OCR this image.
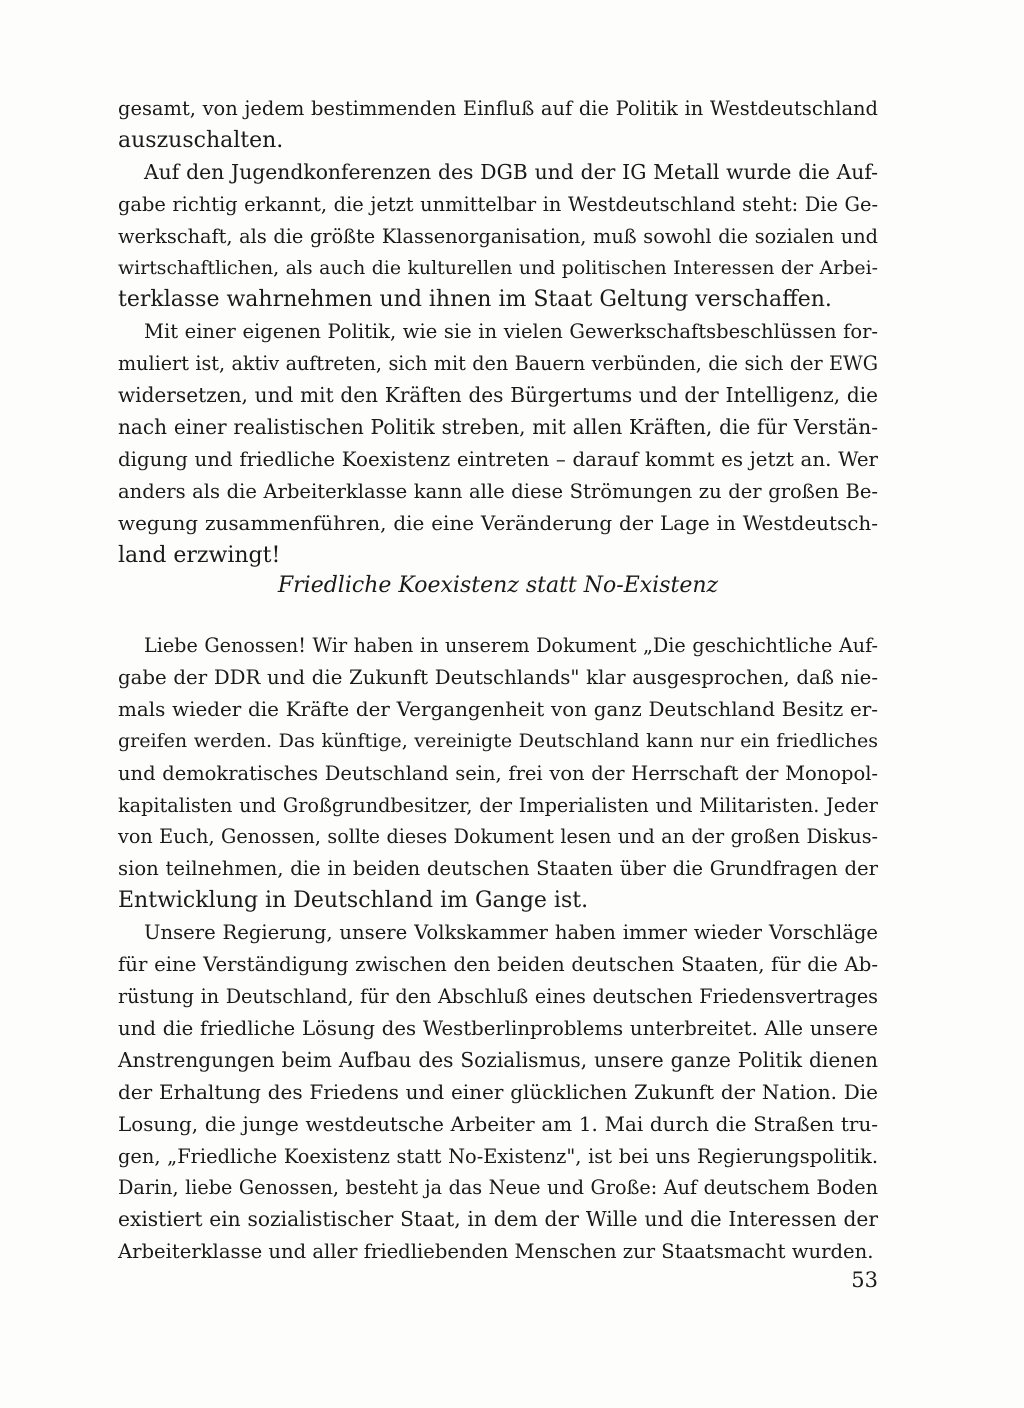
gesamt, von jedem bestimmenden Einfluß auf die Politik in Westdeutschland
auszuschalten.
Auf den Jugendkonferenzen des DGB und der IG Metall wurde die Auf-
gabe richtig erkannt, die jetzt unmittelbar in Westdeutschland steht: Die Ge-
werkschaft, als die größte Klassenorganisation, muß sowohl die sozialen und
wirtschaftlichen, als auch die kulturellen und politischen Interessen der Arbei-
terklasse wahrnehmen und ihnen im Staat Geltung verschaffen.
Mit einer eigenen Politik, wie sie in vielen Gewerkschaftsbeschlüssen for-
muliert ist, aktiv auftreten, sich mit den Bauern verbünden, die sich der EWG
widersetzen, und mit den Kräften des Bürgertums und der Intelligenz, die
nach einer realistischen Politik streben, mit allen Kräften, die für Verstän-
digung und friedliche Koexistenz eintreten – darauf kommt es jetzt an. Wer
anders als die Arbeiterklasse kann alle diese Strömungen zu der großen Be-
wegung zusammenführen, die eine Veränderung der Lage in Westdeutsch-
land erzwingt!
Friedliche Koexistenz statt No-Existenz
Liebe Genossen! Wir haben in unserem Dokument „Die geschichtliche Auf-
gabe der DDR und die Zukunft Deutschlands" klar ausgesprochen, daß nie-
mals wieder die Kräfte der Vergangenheit von ganz Deutschland Besitz er-
greifen werden. Das künftige, vereinigte Deutschland kann nur ein friedliches
und demokratisches Deutschland sein, frei von der Herrschaft der Monopol-
kapitalisten und Großgrundbesitzer, der Imperialisten und Militaristen. Jeder
von Euch, Genossen, sollte dieses Dokument lesen und an der großen Diskus-
sion teilnehmen, die in beiden deutschen Staaten über die Grundfragen der
Entwicklung in Deutschland im Gange ist.
Unsere Regierung, unsere Volkskammer haben immer wieder Vorschläge
für eine Verständigung zwischen den beiden deutschen Staaten, für die Ab-
rüstung in Deutschland, für den Abschluß eines deutschen Friedensvertrages
und die friedliche Lösung des Westberlinproblems unterbreitet. Alle unsere
Anstrengungen beim Aufbau des Sozialismus, unsere ganze Politik dienen
der Erhaltung des Friedens und einer glücklichen Zukunft der Nation. Die
Losung, die junge westdeutsche Arbeiter am 1. Mai durch die Straßen tru-
gen, „Friedliche Koexistenz statt No-Existenz", ist bei uns Regierungspolitik.
Darin, liebe Genossen, besteht ja das Neue und Große: Auf deutschem Boden
existiert ein sozialistischer Staat, in dem der Wille und die Interessen der
Arbeiterklasse und aller friedliebenden Menschen zur Staatsmacht wurden.
53
